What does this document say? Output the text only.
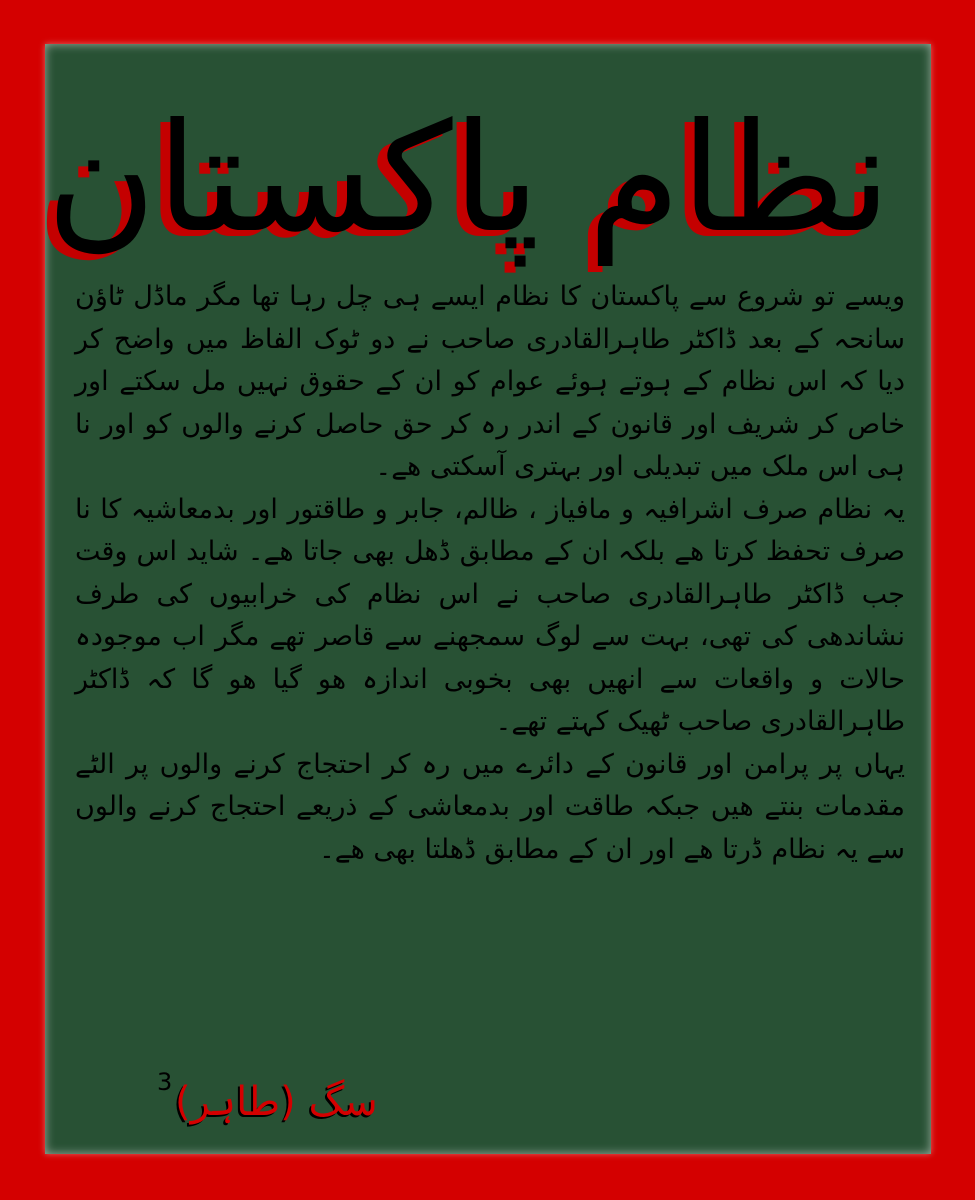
نظام پاکستان

ویسے تو شروع سے پاکستان کا نظام ایسے ہی چل رہا تھا مگر ماڈل ٹاؤن سانحہ کے بعد ڈاکٹر طاہرالقادری صاحب نے دو ٹوک الفاظ میں واضح کر دیا کہ اس نظام کے ہوتے ہوئے عوام کو ان کے حقوق نہیں مل سکتے اور خاص کر شریف اور قانون کے اندر رہ کر حق حاصل کرنے والوں کو اور نا ہی اس ملک میں تبدیلی اور بہتری آسکتی ھے۔

یہ نظام صرف اشرافیہ و مافیاز ، ظالم، جابر و طاقتور اور بدمعاشیہ کا نا صرف تحفظ کرتا ھے بلکہ ان کے مطابق ڈھل بھی جاتا ھے۔ شاید اس وقت جب ڈاکٹر طاہرالقادری صاحب نے اس نظام کی خرابیوں کی طرف نشاندھی کی تھی، بہت سے لوگ سمجھنے سے قاصر تھے مگر اب موجودہ حالات و واقعات سے انھیں بھی بخوبی اندازہ ھو گیا ھو گا کہ ڈاکٹر طاہرالقادری صاحب ٹھیک کہتے تھے۔

یہاں پر پرامن اور قانون کے دائرے میں رہ کر احتجاج کرنے والوں پر الٹے مقدمات بنتے ھیں جبکہ طاقت اور بدمعاشی کے ذریعے احتجاج کرنے والوں سے یہ نظام ڈرتا ھے اور ان کے مطابق ڈھلتا بھی ھے۔

سگ (طاہر)
3
